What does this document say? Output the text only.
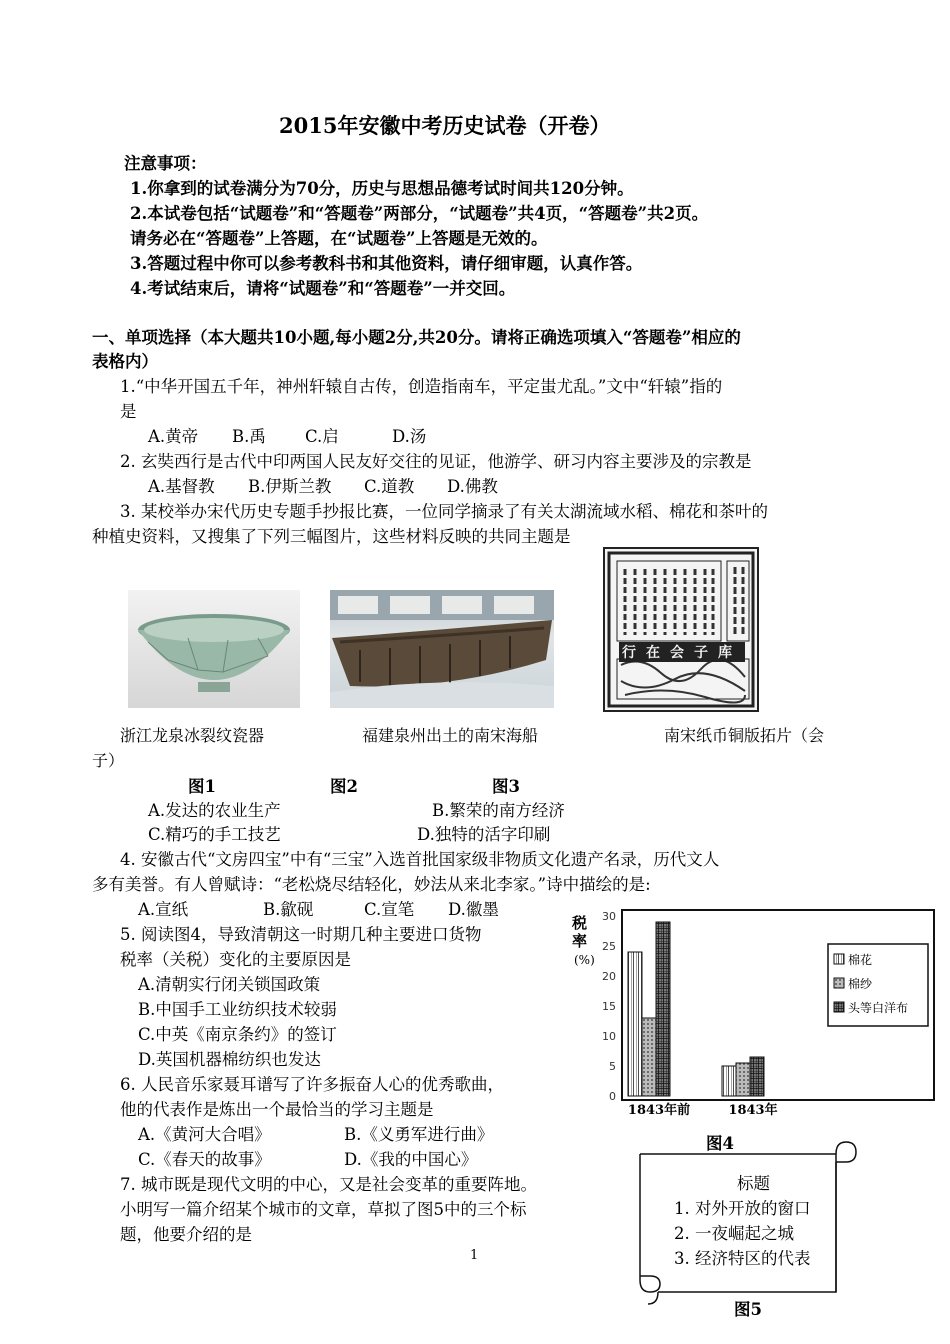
2015年安徽中考历史试卷（开卷）
注意事项：
1.你拿到的试卷满分为70分，历史与思想品德考试时间共120分钟。
2.本试卷包括“试题卷”和“答题卷”两部分，“试题卷”共4页，“答题卷”共2页。
请务必在“答题卷”上答题，在“试题卷”上答题是无效的。
3.答题过程中你可以参考教科书和其他资料，请仔细审题，认真作答。
4.考试结束后，请将“试题卷”和“答题卷”一并交回。
一、单项选择（本大题共10小题,每小题2分,共20分。请将正确选项填入“答题卷”相应的
表格内）
1.“中华开国五千年，神州轩辕自古传，创造指南车，平定蚩尤乱。”文中“轩辕”指的
是
A.黄帝 B.禹 C.启	D.汤
2. 玄奘西行是古代中印两国人民友好交往的见证，他游学、研习内容主要涉及的宗教是
A.基督教 B.伊斯兰教 C.道教 D.佛教
3. 某校举办宋代历史专题手抄报比赛，一位同学摘录了有关太湖流域水稻、棉花和茶叶的
种植史资料，又搜集了下列三幅图片，这些材料反映的共同主题是
行在会子库
浙江龙泉冰裂纹瓷器	福建泉州出土的南宋海船	南宋纸币铜版拓片（会
子）
图1	图2	图3
A.发达的农业生产	B.繁荣的南方经济
C.精巧的手工技艺	D.独特的活字印刷
4. 安徽古代“文房四宝”中有“三宝”入选首批国家级非物质文化遗产名录，历代文人
多有美誉。有人曾赋诗：“老松烧尽结轻化，妙法从来北李家。”诗中描绘的是:
A.宣纸	B.歙砚	C.宣笔 D.徽墨
5. 阅读图4，导致清朝这一时期几种主要进口货物
税率（关税）变化的主要原因是
A.清朝实行闭关锁国政策
B.中国手工业纺织技术较弱
C.中英《南京条约》的签订
D.英国机器棉纺织也发达
6. 人民音乐家聂耳谱写了许多振奋人心的优秀歌曲，
他的代表作是炼出一个最恰当的学习主题是
A.《黄河大合唱》	B.《义勇军进行曲》
C.《春天的故事》	D.《我的中国心》
7. 城市既是现代文明的中心，又是社会变革的重要阵地。
小明写一篇介绍某个城市的文章，草拟了图5中的三个标
题，他要介绍的是
税
率
(%)
30
25
20
15
10
5
0
1843年前	1843年
棉花
棉纱
头等白洋布
图4
标题
1. 对外开放的窗口
2. 一夜崛起之城
3. 经济特区的代表
图5
1
